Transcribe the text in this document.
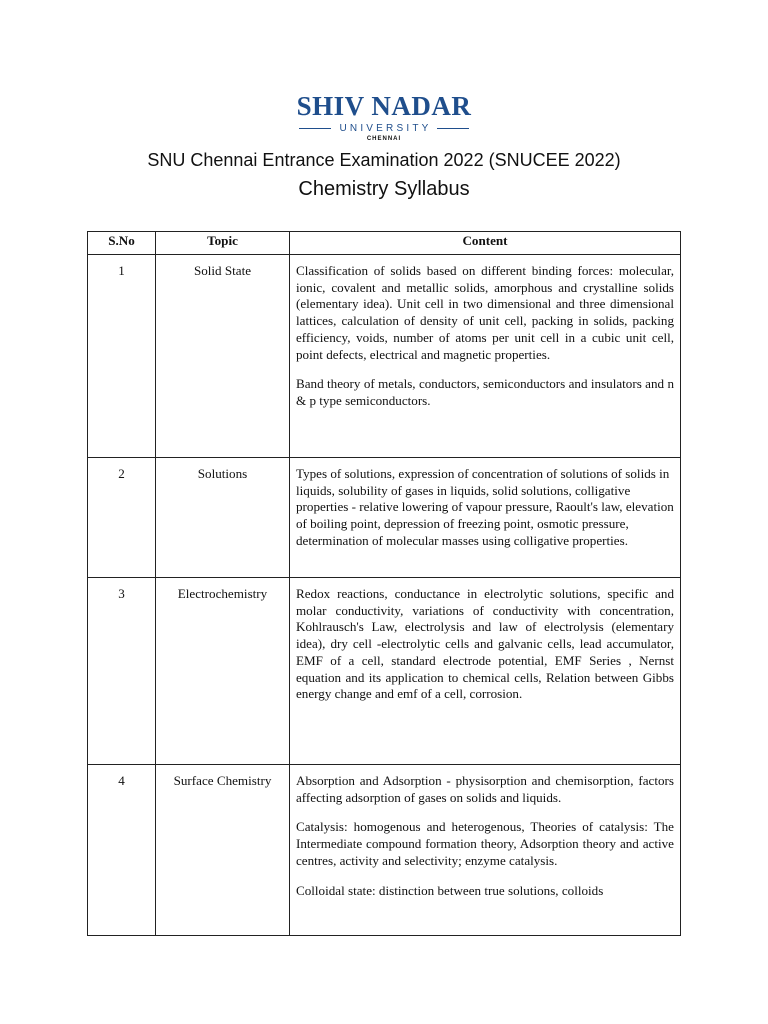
SHIV NADAR
UNIVERSITY
CHENNAI
SNU Chennai Entrance Examination 2022 (SNUCEE 2022)
Chemistry Syllabus
S.No	Topic	Content
1	Solid State	Classification of solids based on different binding forces: molecular, ionic, covalent and metallic solids, amorphous and crystalline solids (elementary idea). Unit cell in two dimensional and three dimensional lattices, calculation of density of unit cell, packing in solids, packing efficiency, voids, number of atoms per unit cell in a cubic unit cell, point defects, electrical and magnetic properties.

Band theory of metals, conductors, semiconductors and insulators and n & p type semiconductors.

2	Solutions	Types of solutions, expression of concentration of solutions of solids in liquids, solubility of gases in liquids, solid solutions, colligative properties - relative lowering of vapour pressure, Raoult's law, elevation of boiling point, depression of freezing point, osmotic pressure, determination of molecular masses using colligative properties.

3	Electrochemistry	Redox reactions, conductance in electrolytic solutions, specific and molar conductivity, variations of conductivity with concentration, Kohlrausch's Law, electrolysis and law of electrolysis (elementary idea), dry cell -electrolytic cells and galvanic cells, lead accumulator, EMF of a cell, standard electrode potential, EMF Series , Nernst equation and its application to chemical cells, Relation between Gibbs energy change and emf of a cell, corrosion.

4	Surface Chemistry	Absorption and Adsorption - physisorption and chemisorption, factors affecting adsorption of gases on solids and liquids.

Catalysis: homogenous and heterogenous, Theories of catalysis: The Intermediate compound formation theory, Adsorption theory and active centres, activity and selectivity; enzyme catalysis.

Colloidal state: distinction between true solutions, colloids
